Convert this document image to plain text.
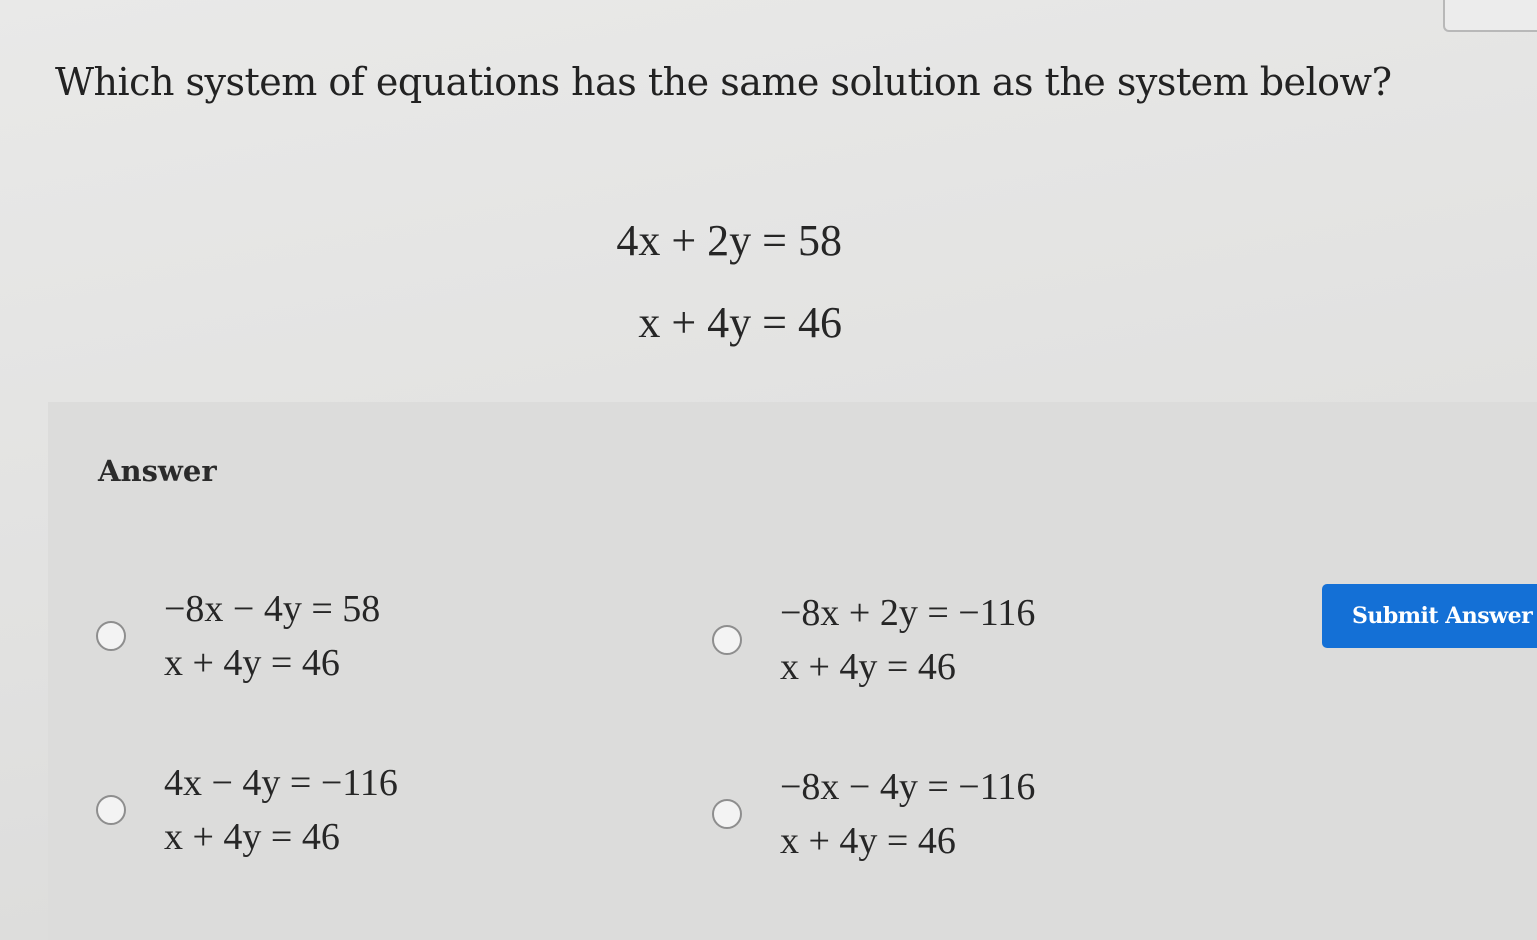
Which system of equations has the same solution as the system below?
4x + 2y = 58
x + 4y = 46
Answer
−8x − 4y = 58
x + 4y = 46
−8x + 2y = −116
x + 4y = 46
4x − 4y = −116
x + 4y = 46
−8x − 4y = −116
x + 4y = 46
Submit Answer
